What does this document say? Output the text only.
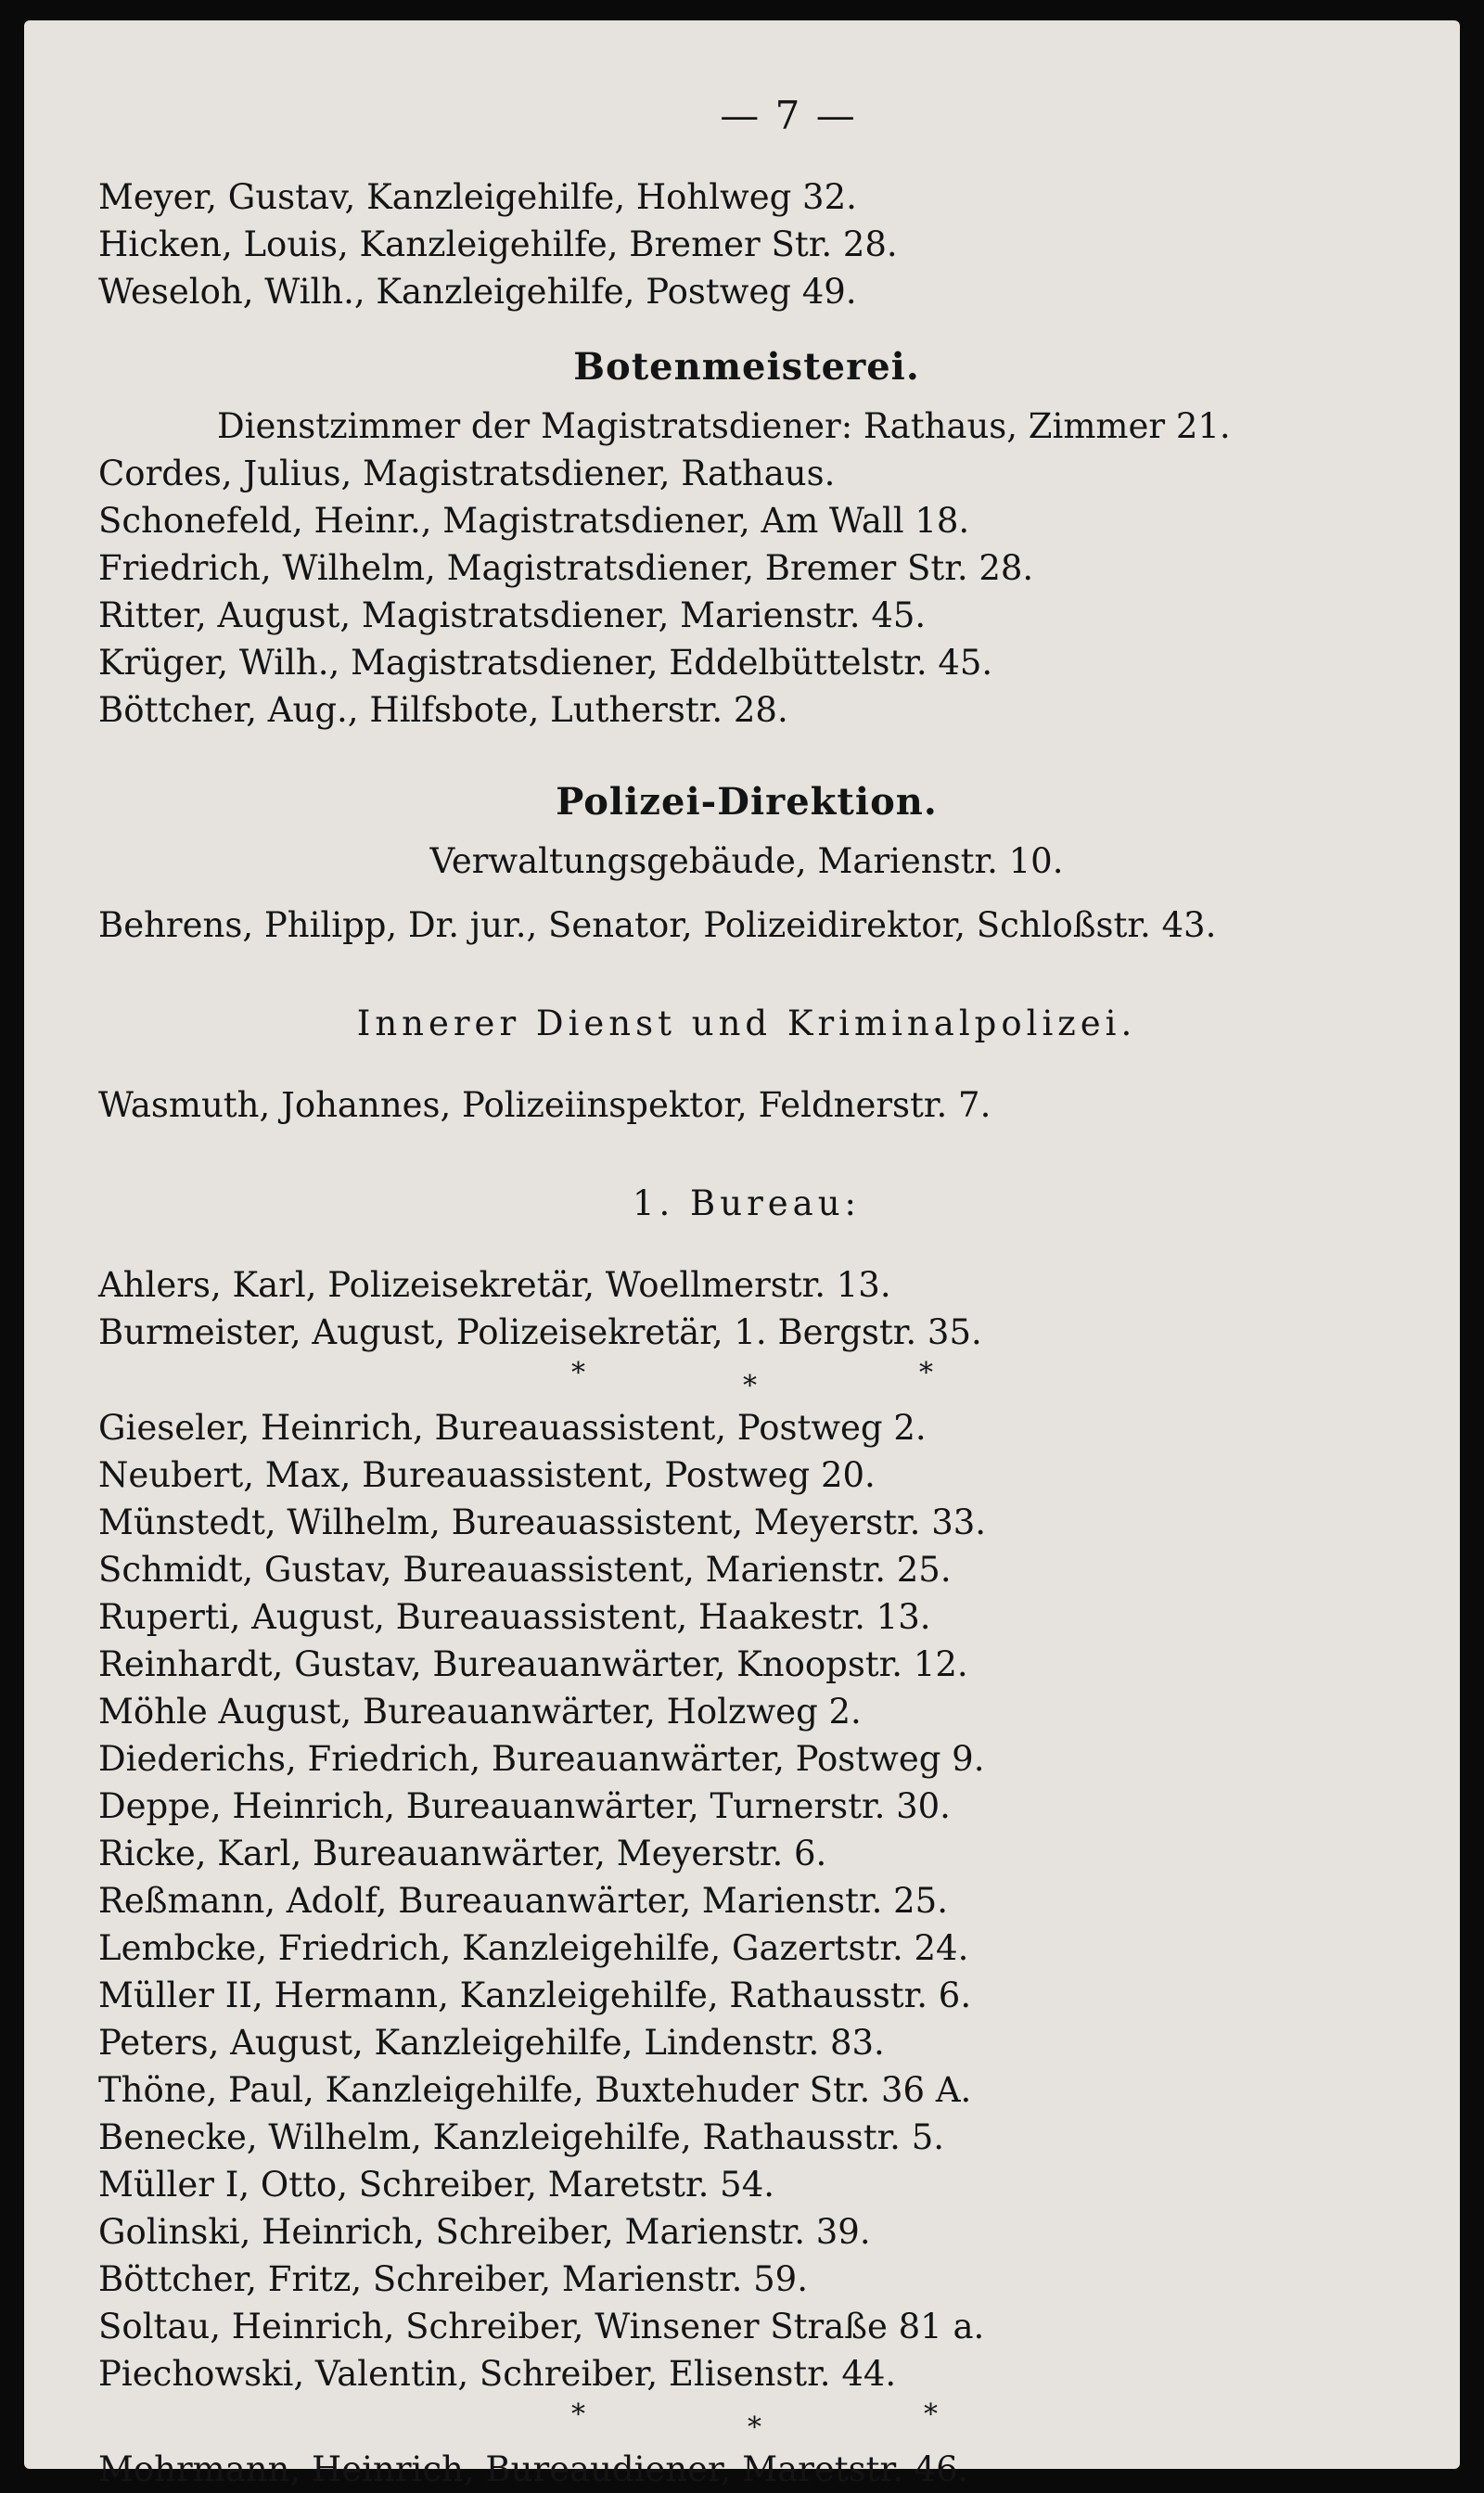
— 7 —

Meyer, Gustav, Kanzleigehilfe, Hohlweg 32.

Hicken, Louis, Kanzleigehilfe, Bremer Str. 28.

Weseloh, Wilh., Kanzleigehilfe, Postweg 49.

Botenmeisterei.

Dienstzimmer der Magistratsdiener: Rathaus, Zimmer 21.

Cordes, Julius, Magistratsdiener, Rathaus.

Schonefeld, Heinr., Magistratsdiener, Am Wall 18.

Friedrich, Wilhelm, Magistratsdiener, Bremer Str. 28.

Ritter, August, Magistratsdiener, Marienstr. 45.

Krüger, Wilh., Magistratsdiener, Eddelbüttelstr. 45.

Böttcher, Aug., Hilfsbote, Lutherstr. 28.

Polizei-Direktion.

Verwaltungsgebäude, Marienstr. 10.

Behrens, Philipp, Dr. jur., Senator, Polizeidirektor, Schloßstr. 43.

Innerer Dienst und Kriminalpolizei.

Wasmuth, Johannes, Polizeiinspektor, Feldnerstr. 7.

1. Bureau:

Ahlers, Karl, Polizeisekretär, Woellmerstr. 13.

Burmeister, August, Polizeisekretär, 1. Bergstr. 35.

*	*	*

Gieseler, Heinrich, Bureauassistent, Postweg 2.

Neubert, Max, Bureauassistent, Postweg 20.

Münstedt, Wilhelm, Bureauassistent, Meyerstr. 33.

Schmidt, Gustav, Bureauassistent, Marienstr. 25.

Ruperti, August, Bureauassistent, Haakestr. 13.

Reinhardt, Gustav, Bureauanwärter, Knoopstr. 12.

Möhle August, Bureauanwärter, Holzweg 2.

Diederichs, Friedrich, Bureauanwärter, Postweg 9.

Deppe, Heinrich, Bureauanwärter, Turnerstr. 30.

Ricke, Karl, Bureauanwärter, Meyerstr. 6.

Reßmann, Adolf, Bureauanwärter, Marienstr. 25.

Lembcke, Friedrich, Kanzleigehilfe, Gazertstr. 24.

Müller II, Hermann, Kanzleigehilfe, Rathausstr. 6.

Peters, August, Kanzleigehilfe, Lindenstr. 83.

Thöne, Paul, Kanzleigehilfe, Buxtehuder Str. 36 A.

Benecke, Wilhelm, Kanzleigehilfe, Rathausstr. 5.

Müller I, Otto, Schreiber, Maretstr. 54.

Golinski, Heinrich, Schreiber, Marienstr. 39.

Böttcher, Fritz, Schreiber, Marienstr. 59.

Soltau, Heinrich, Schreiber, Winsener Straße 81 a.

Piechowski, Valentin, Schreiber, Elisenstr. 44.

*	*	*

Mohrmann, Heinrich, Bureaudiener, Maretstr. 46.
